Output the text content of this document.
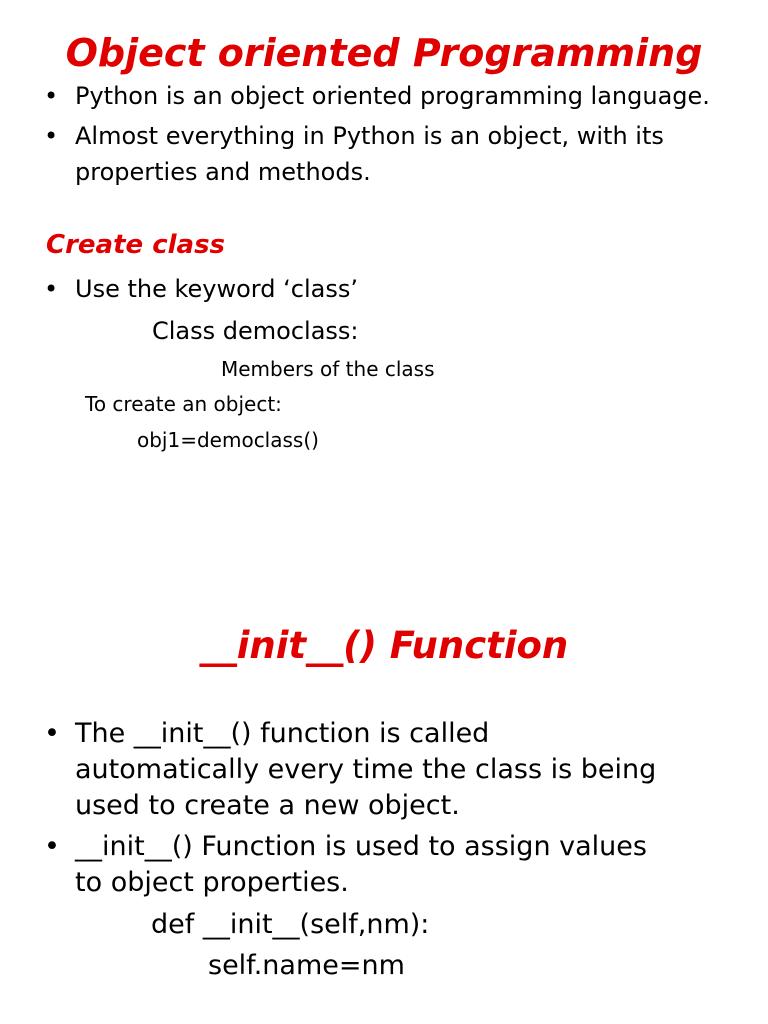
Object oriented Programming
• Python is an object oriented programming language.
• Almost everything in Python is an object, with its
properties and methods.
Create class
• Use the keyword ‘class’
Class democlass:
Members of the class
To create an object:
obj1=democlass()
__init__() Function
• The __init__() function is called
automatically every time the class is being
used to create a new object.
• __init__() Function is used to assign values
to object properties.
def __init__(self,nm):
self.name=nm
